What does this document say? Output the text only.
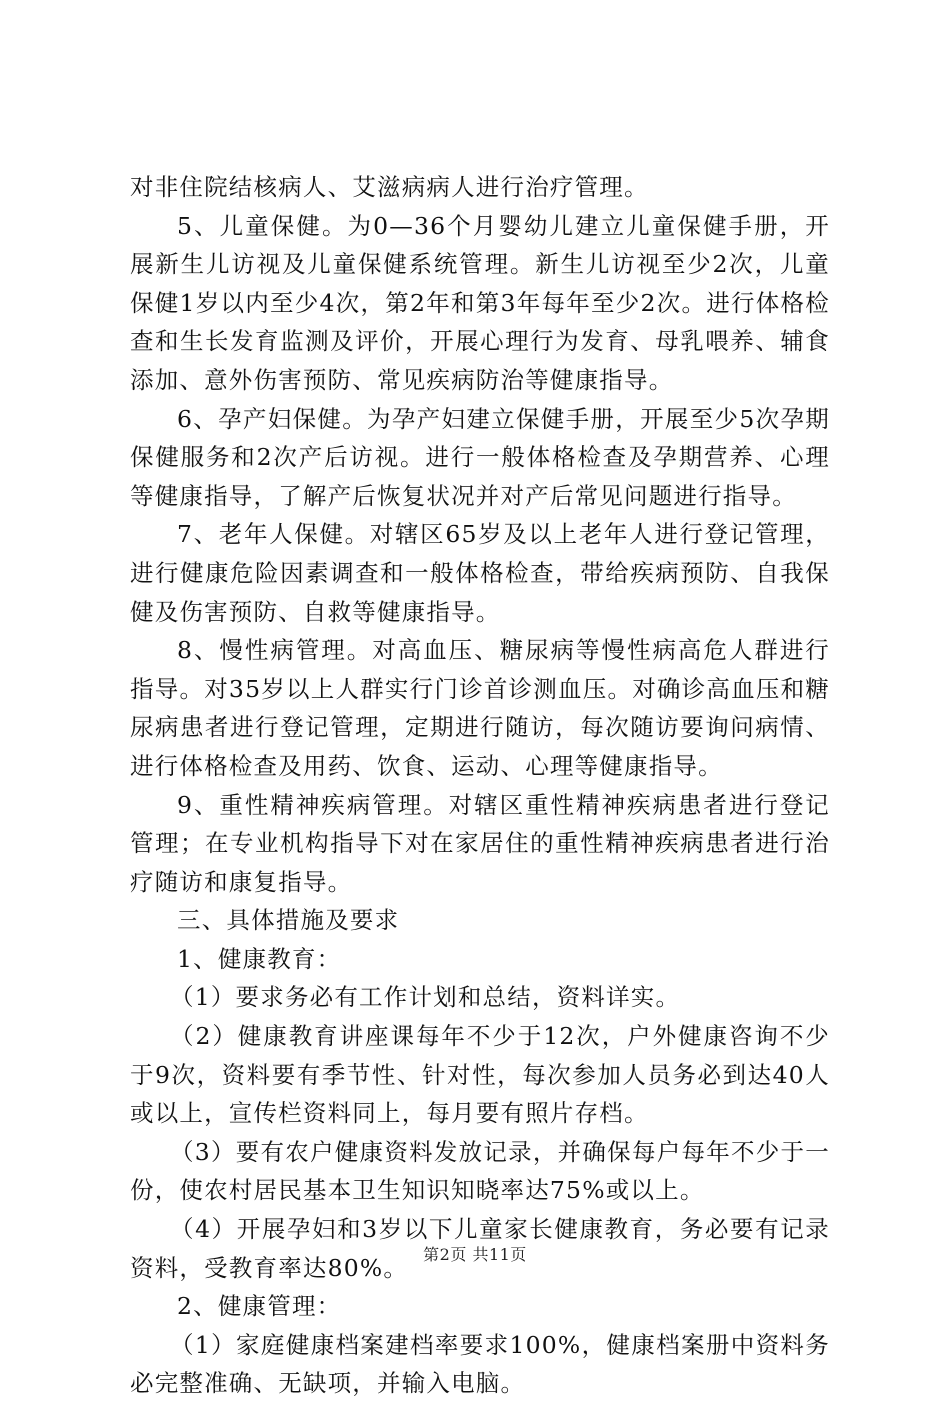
对非住院结核病人、艾滋病病人进行治疗管理。

5、儿童保健。为0—36个月婴幼儿建立儿童保健手册，开展新生儿访视及儿童保健系统管理。新生儿访视至少2次，儿童保健1岁以内至少4次，第2年和第3年每年至少2次。进行体格检查和生长发育监测及评价，开展心理行为发育、母乳喂养、辅食添加、意外伤害预防、常见疾病防治等健康指导。

6、孕产妇保健。为孕产妇建立保健手册，开展至少5次孕期保健服务和2次产后访视。进行一般体格检查及孕期营养、心理等健康指导，了解产后恢复状况并对产后常见问题进行指导。

7、老年人保健。对辖区65岁及以上老年人进行登记管理，进行健康危险因素调查和一般体格检查，带给疾病预防、自我保健及伤害预防、自救等健康指导。

8、慢性病管理。对高血压、糖尿病等慢性病高危人群进行指导。对35岁以上人群实行门诊首诊测血压。对确诊高血压和糖尿病患者进行登记管理，定期进行随访，每次随访要询问病情、进行体格检查及用药、饮食、运动、心理等健康指导。

9、重性精神疾病管理。对辖区重性精神疾病患者进行登记管理；在专业机构指导下对在家居住的重性精神疾病患者进行治疗随访和康复指导。

三、具体措施及要求

1、健康教育：

（1）要求务必有工作计划和总结，资料详实。

（2）健康教育讲座课每年不少于12次，户外健康咨询不少于9次，资料要有季节性、针对性，每次参加人员务必到达40人或以上，宣传栏资料同上，每月要有照片存档。

（3）要有农户健康资料发放记录，并确保每户每年不少于一份，使农村居民基本卫生知识知晓率达75%或以上。

（4）开展孕妇和3岁以下儿童家长健康教育，务必要有记录资料，受教育率达80%。

2、健康管理：

（1）家庭健康档案建档率要求100%，健康档案册中资料务必完整准确、无缺项，并输入电脑。

第2页 共11页
